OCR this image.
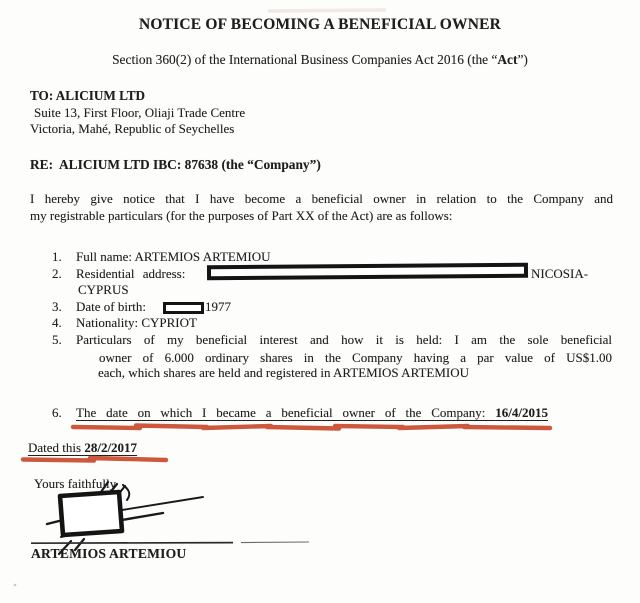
NOTICE OF BECOMING A BENEFICIAL OWNER
Section 360(2) of the International Business Companies Act 2016 (the “Act”)
TO: ALICIUM LTD
Suite 13, First Floor, Oliaji Trade Centre
Victoria, Mahé, Republic of Seychelles
RE:  ALICIUM LTD IBC: 87638 (the “Company”)
I hereby give notice that I have become a beneficial owner in relation to the Company and
my registrable particulars (for the purposes of Part XX of the Act) are as follows:
1. Full name: ARTEMIOS ARTEMIOU
2. Residential address:	NICOSIA-
CYPRUS
3. Date of birth:	1977
4. Nationality: CYPRIOT
5. Particulars of my beneficial interest and how it is held: I am the sole beneficial
owner of 6.000 ordinary shares in the Company having a par value of US$1.00
each, which shares are held and registered in ARTEMIOS ARTEMIOU
6. The date on which I became a beneficial owner of the Company: 16/4/2015
Dated this 28/2/2017
Yours faithfully
ARTEMIOS ARTEMIOU
